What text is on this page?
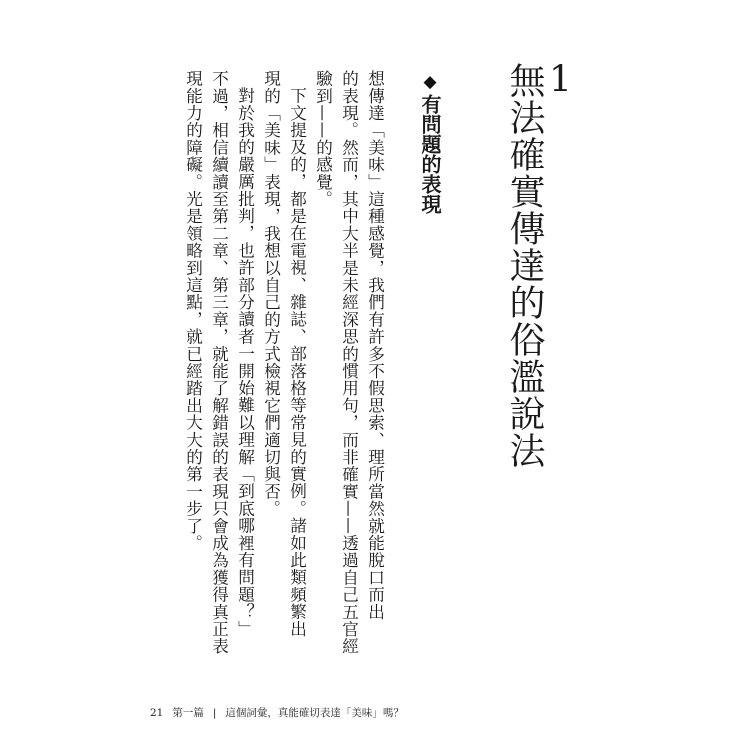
1
無法確實傳達的俗濫說法
◆有問題的表現
想傳達「美味」這種感覺，我們有許多不假思索、理所當然就能脫口而出
的表現。然而，其中大半是未經深思的慣用句，而非確實——透過自己五官經
驗到——的感覺。
下文提及的，都是在電視、雜誌、部落格等常見的實例。諸如此類頻繁出
現的「美味」表現，我想以自己的方式檢視它們適切與否。
對於我的嚴厲批判，也許部分讀者一開始難以理解「到底哪裡有問題？」
不過，相信續讀至第二章、第三章，就能了解錯誤的表現只會成為獲得真正表
現能力的障礙。光是領略到這點，就已經踏出大大的第一步了。
21 第一篇 | 這個詞彙，真能確切表達「美味」嗎？
